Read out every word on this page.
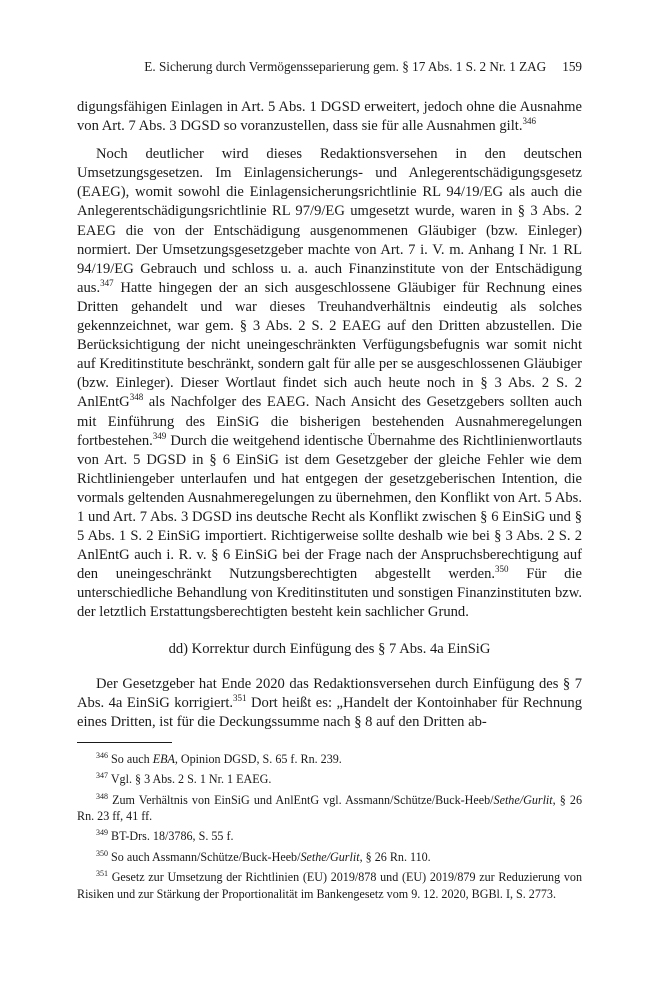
E. Sicherung durch Vermögensseparierung gem. § 17 Abs. 1 S. 2 Nr. 1 ZAG 159

digungsfähigen Einlagen in Art. 5 Abs. 1 DGSD erweitert, jedoch ohne die Ausnahme von Art. 7 Abs. 3 DGSD so voranzustellen, dass sie für alle Ausnahmen gilt.$^{346}$

Noch deutlicher wird dieses Redaktionsversehen in den deutschen Umsetzungsgesetzen. Im Einlagensicherungs- und Anlegerentschädigungsgesetz (EAEG), womit sowohl die Einlagensicherungsrichtlinie RL 94/19/EG als auch die Anlegerentschädigungsrichtlinie RL 97/9/EG umgesetzt wurde, waren in § 3 Abs. 2 EAEG die von der Entschädigung ausgenommenen Gläubiger (bzw. Einleger) normiert. Der Umsetzungsgesetzgeber machte von Art. 7 i. V. m. Anhang I Nr. 1 RL 94/19/EG Gebrauch und schloss u. a. auch Finanzinstitute von der Entschädigung aus.$^{347}$ Hatte hingegen der an sich ausgeschlossene Gläubiger für Rechnung eines Dritten gehandelt und war dieses Treuhandverhältnis eindeutig als solches gekennzeichnet, war gem. § 3 Abs. 2 S. 2 EAEG auf den Dritten abzustellen. Die Berücksichtigung der nicht uneingeschränkten Verfügungsbefugnis war somit nicht auf Kreditinstitute beschränkt, sondern galt für alle per se ausgeschlossenen Gläubiger (bzw. Einleger). Dieser Wortlaut findet sich auch heute noch in § 3 Abs. 2 S. 2 AnlEntG$^{348}$ als Nachfolger des EAEG. Nach Ansicht des Gesetzgebers sollten auch mit Einführung des EinSiG die bisherigen bestehenden Ausnahmeregelungen fortbestehen.$^{349}$ Durch die weitgehend identische Übernahme des Richtlinienwortlauts von Art. 5 DGSD in § 6 EinSiG ist dem Gesetzgeber der gleiche Fehler wie dem Richtliniengeber unterlaufen und hat entgegen der gesetzgeberischen Intention, die vormals geltenden Ausnahmeregelungen zu übernehmen, den Konflikt von Art. 5 Abs. 1 und Art. 7 Abs. 3 DGSD ins deutsche Recht als Konflikt zwischen § 6 EinSiG und § 5 Abs. 1 S. 2 EinSiG importiert. Richtigerweise sollte deshalb wie bei § 3 Abs. 2 S. 2 AnlEntG auch i. R. v. § 6 EinSiG bei der Frage nach der Anspruchsberechtigung auf den uneingeschränkt Nutzungsberechtigten abgestellt werden.$^{350}$ Für die unterschiedliche Behandlung von Kreditinstituten und sonstigen Finanzinstituten bzw. der letztlich Erstattungsberechtigten besteht kein sachlicher Grund.

dd) Korrektur durch Einfügung des § 7 Abs. 4a EinSiG

Der Gesetzgeber hat Ende 2020 das Redaktionsversehen durch Einfügung des § 7 Abs. 4a EinSiG korrigiert.$^{351}$ Dort heißt es: „Handelt der Kontoinhaber für Rechnung eines Dritten, ist für die Deckungssumme nach § 8 auf den Dritten ab-

$^{346}$ So auch EBA, Opinion DGSD, S. 65 f. Rn. 239.

$^{347}$ Vgl. § 3 Abs. 2 S. 1 Nr. 1 EAEG.

$^{348}$ Zum Verhältnis von EinSiG und AnlEntG vgl. Assmann/Schütze/Buck-Heeb/Sethe/Gurlit, § 26 Rn. 23 ff, 41 ff.

$^{349}$ BT-Drs. 18/3786, S. 55 f.

$^{350}$ So auch Assmann/Schütze/Buck-Heeb/Sethe/Gurlit, § 26 Rn. 110.

$^{351}$ Gesetz zur Umsetzung der Richtlinien (EU) 2019/878 und (EU) 2019/879 zur Reduzierung von Risiken und zur Stärkung der Proportionalität im Bankengesetz vom 9. 12. 2020, BGBl. I, S. 2773.
